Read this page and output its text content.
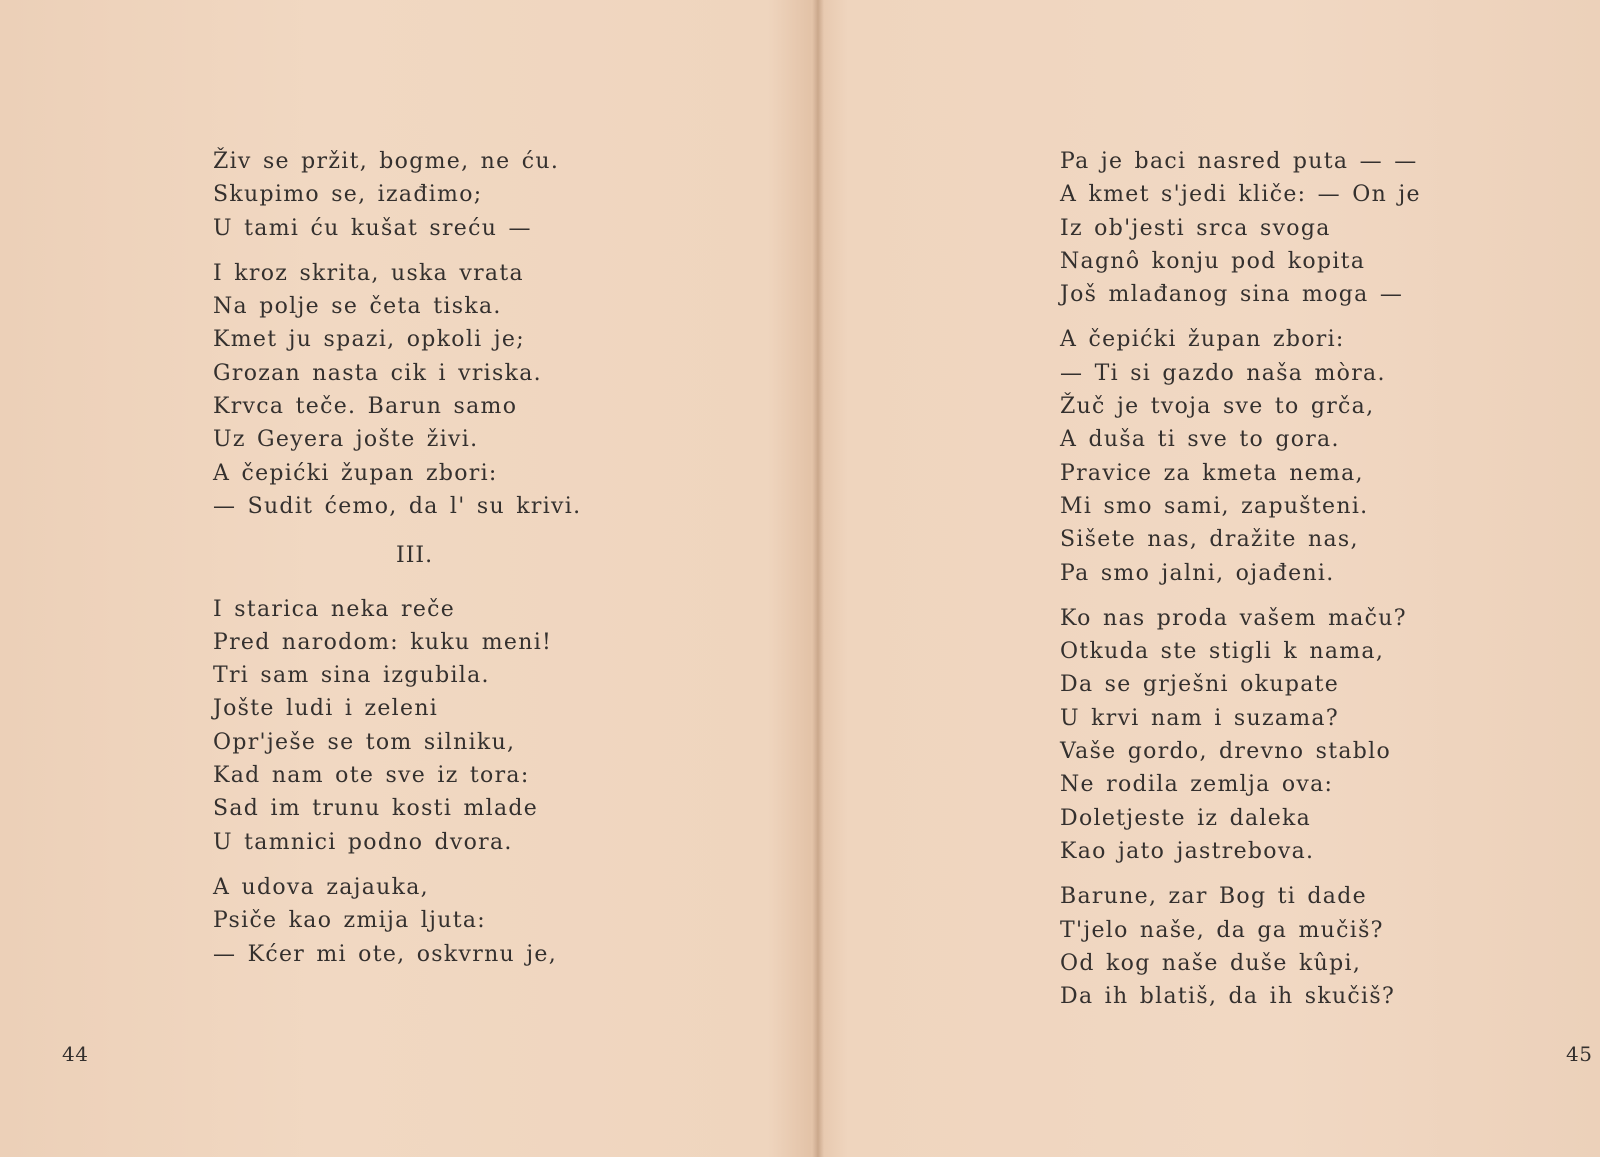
Živ se pržit, bogme, ne ću.
Skupimo se, izađimo;
U tami ću kušat sreću —
I kroz skrita, uska vrata
Na polje se četa tiska.
Kmet ju spazi, opkoli je;
Grozan nasta cik i vriska.
Krvca teče. Barun samo
Uz Geyera jošte živi.
A čepićki župan zbori:
— Sudit ćemo, da l' su krivi.
III.
I starica neka reče
Pred narodom: kuku meni!
Tri sam sina izgubila.
Jošte ludi i zeleni
Opr'ješe se tom silniku,
Kad nam ote sve iz tora:
Sad im trunu kosti mlade
U tamnici podno dvora.
A udova zajauka,
Psiče kao zmija ljuta:
— Kćer mi ote, oskvrnu je,
44
Pa je baci nasred puta — —
A kmet s'jedi kliče: — On je
Iz ob'jesti srca svoga
Nagnô konju pod kopita
Još mlađanog sina moga —
A čepićki župan zbori:
— Ti si gazdo naša mòra.
Žuč je tvoja sve to grča,
A duša ti sve to gora.
Pravice za kmeta nema,
Mi smo sami, zapušteni.
Sišete nas, dražite nas,
Pa smo jalni, ojađeni.
Ko nas proda vašem maču?
Otkuda ste stigli k nama,
Da se grješni okupate
U krvi nam i suzama?
Vaše gordo, drevno stablo
Ne rodila zemlja ova:
Doletjeste iz daleka
Kao jato jastrebova.
Barune, zar Bog ti dade
T'jelo naše, da ga mučiš?
Od kog naše duše kûpi,
Da ih blatiš, da ih skučiš?
45
